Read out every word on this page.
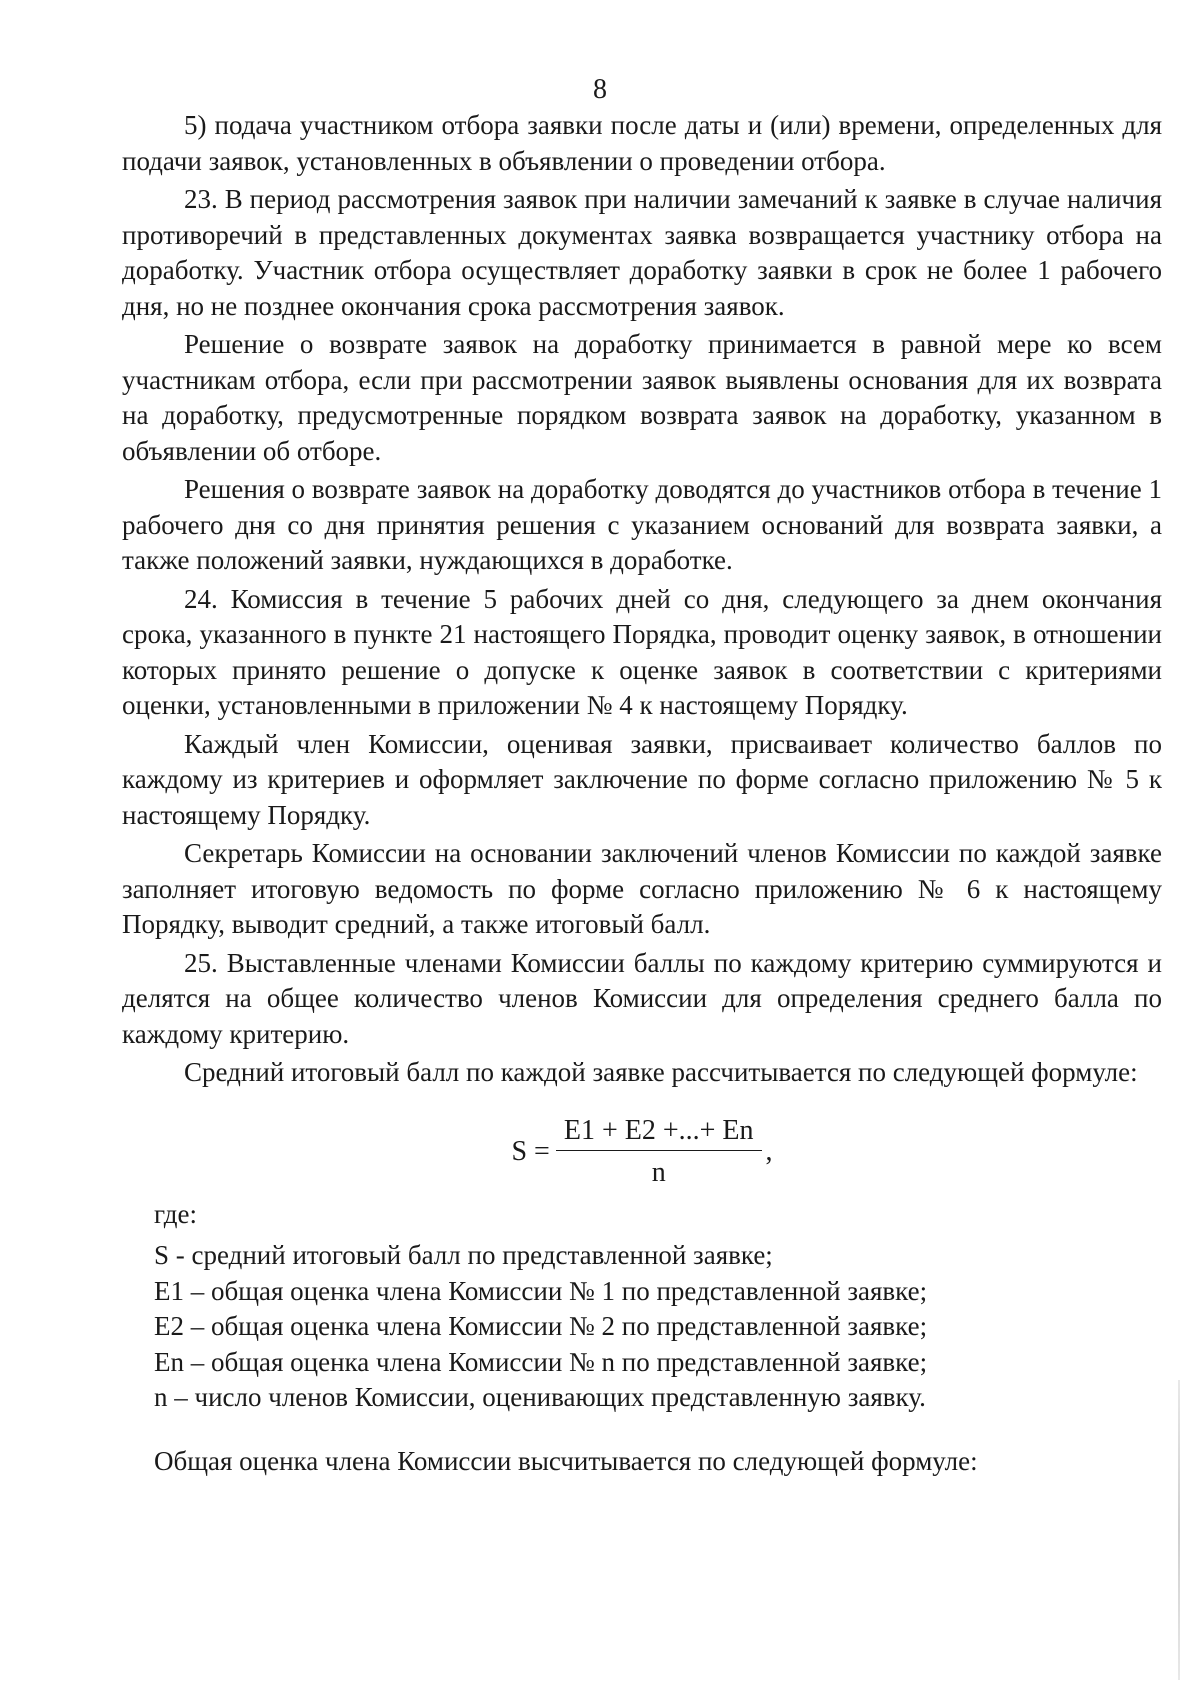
8

5) подача участником отбора заявки после даты и (или) времени, определенных для подачи заявок, установленных в объявлении о проведении отбора.

23. В период рассмотрения заявок при наличии замечаний к заявке в случае наличия противоречий в представленных документах заявка возвращается участнику отбора на доработку. Участник отбора осуществляет доработку заявки в срок не более 1 рабочего дня, но не позднее окончания срока рассмотрения заявок.

Решение о возврате заявок на доработку принимается в равной мере ко всем участникам отбора, если при рассмотрении заявок выявлены основания для их возврата на доработку, предусмотренные порядком возврата заявок на доработку, указанном в объявлении об отборе.

Решения о возврате заявок на доработку доводятся до участников отбора в течение 1 рабочего дня со дня принятия решения с указанием оснований для возврата заявки, а также положений заявки, нуждающихся в доработке.

24. Комиссия в течение 5 рабочих дней со дня, следующего за днем окончания срока, указанного в пункте 21 настоящего Порядка, проводит оценку заявок, в отношении которых принято решение о допуске к оценке заявок в соответствии с критериями оценки, установленными в приложении № 4 к настоящему Порядку.

Каждый член Комиссии, оценивая заявки, присваивает количество баллов по каждому из критериев и оформляет заключение по форме согласно приложению № 5 к настоящему Порядку.

Секретарь Комиссии на основании заключений членов Комиссии по каждой заявке заполняет итоговую ведомость по форме согласно приложению № 6 к настоящему Порядку, выводит средний, а также итоговый балл.

25. Выставленные членами Комиссии баллы по каждому критерию суммируются и делятся на общее количество членов Комиссии для определения среднего балла по каждому критерию.

Средний итоговый балл по каждой заявке рассчитывается по следующей формуле:

$S = \frac{E1 + E2 +...+ En}{n}$ ,

где:

S - средний итоговый балл по представленной заявке;
E1 – общая оценка члена Комиссии № 1 по представленной заявке;
E2 – общая оценка члена Комиссии № 2 по представленной заявке;
En – общая оценка члена Комиссии № n по представленной заявке;
n – число членов Комиссии, оценивающих представленную заявку.

Общая оценка члена Комиссии высчитывается по следующей формуле:
